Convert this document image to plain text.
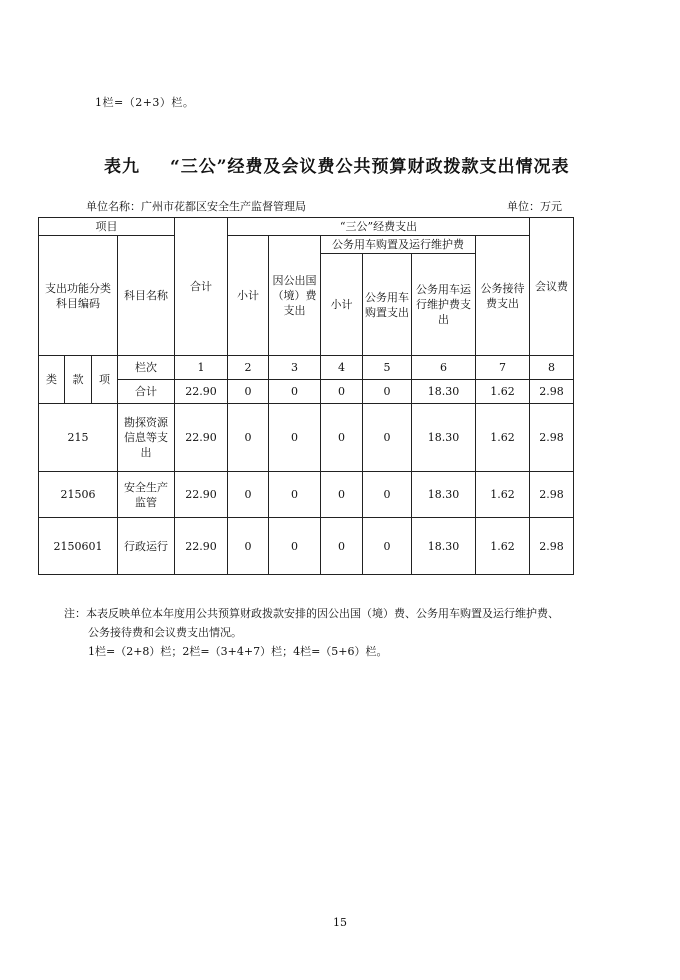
1栏=（2+3）栏。
表九 “三公”经费及会议费公共预算财政拨款支出情况表
单位名称：广州市花都区安全生产监督管理局	单位：万元
项目				合计	“三公”经费支出						会议费
支出功能分类科目编码			科目名称		小计	因公出国（境）费支出	公务用车购置及运行维护费			公务接待费支出	
							小计	公务用车购置支出	公务用车运行维护费支出		

类	款	项	栏次	1	2	3	4	5	6	7	8
			合计	22.90	0	0	0	0	18.30	1.62	2.98
215			勘探资源信息等支出	22.90	0	0	0	0	18.30	1.62	2.98
21506			安全生产监管	22.90	0	0	0	0	18.30	1.62	2.98
2150601			行政运行	22.90	0	0	0	0	18.30	1.62	2.98
注：本表反映单位本年度用公共预算财政拨款安排的因公出国（境）费、公务用车购置及运行维护费、
公务接待费和会议费支出情况。
1栏=（2+8）栏；2栏=（3+4+7）栏；4栏=（5+6）栏。
15
